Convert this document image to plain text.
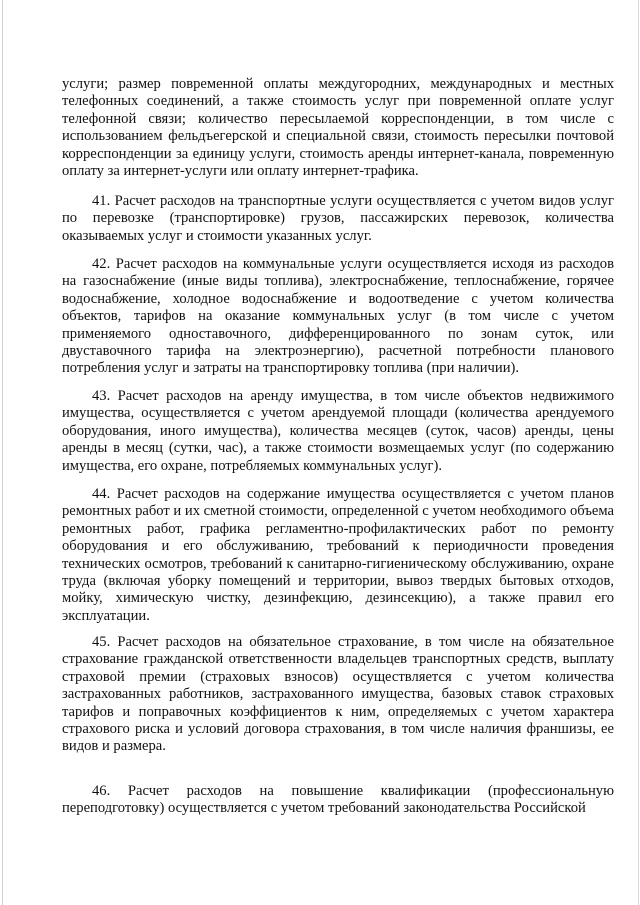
услуги; размер повременной оплаты междугородних, международных и местных телефонных соединений, а также стоимость услуг при повременной оплате услуг телефонной связи; количество пересылаемой корреспонденции, в том числе с использованием фельдъегерской и специальной связи, стоимость пересылки почтовой корреспонденции за единицу услуги, стоимость аренды интернет-канала, повременную оплату за интернет-услуги или оплату интернет-трафика.

41. Расчет расходов на транспортные услуги осуществляется с учетом видов услуг по перевозке (транспортировке) грузов, пассажирских перевозок, количества оказываемых услуг и стоимости указанных услуг.

42. Расчет расходов на коммунальные услуги осуществляется исходя из расходов на газоснабжение (иные виды топлива), электроснабжение, теплоснабжение, горячее водоснабжение, холодное водоснабжение и водоотведение с учетом количества объектов, тарифов на оказание коммунальных услуг (в том числе с учетом применяемого одноставочного, дифференцированного по зонам суток, или двуставочного тарифа на электроэнергию), расчетной потребности планового потребления услуг и затраты на транспортировку топлива (при наличии).

43. Расчет расходов на аренду имущества, в том числе объектов недвижимого имущества, осуществляется с учетом арендуемой площади (количества арендуемого оборудования, иного имущества), количества месяцев (суток, часов) аренды, цены аренды в месяц (сутки, час), а также стоимости возмещаемых услуг (по содержанию имущества, его охране, потребляемых коммунальных услуг).

44. Расчет расходов на содержание имущества осуществляется с учетом планов ремонтных работ и их сметной стоимости, определенной с учетом необходимого объема ремонтных работ, графика регламентно-профилактических работ по ремонту оборудования и его обслуживанию, требований к периодичности проведения технических осмотров, требований к санитарно-гигиеническому обслуживанию, охране труда (включая уборку помещений и территории, вывоз твердых бытовых отходов, мойку, химическую чистку, дезинфекцию, дезинсекцию), а также правил его эксплуатации.

45. Расчет расходов на обязательное страхование, в том числе на обязательное страхование гражданской ответственности владельцев транспортных средств, выплату страховой премии (страховых взносов) осуществляется с учетом количества застрахованных работников, застрахованного имущества, базовых ставок страховых тарифов и поправочных коэффициентов к ним, определяемых с учетом характера страхового риска и условий договора страхования, в том числе наличия франшизы, ее видов и размера.

46. Расчет расходов на повышение квалификации (профессиональную переподготовку) осуществляется с учетом требований законодательства Российской
